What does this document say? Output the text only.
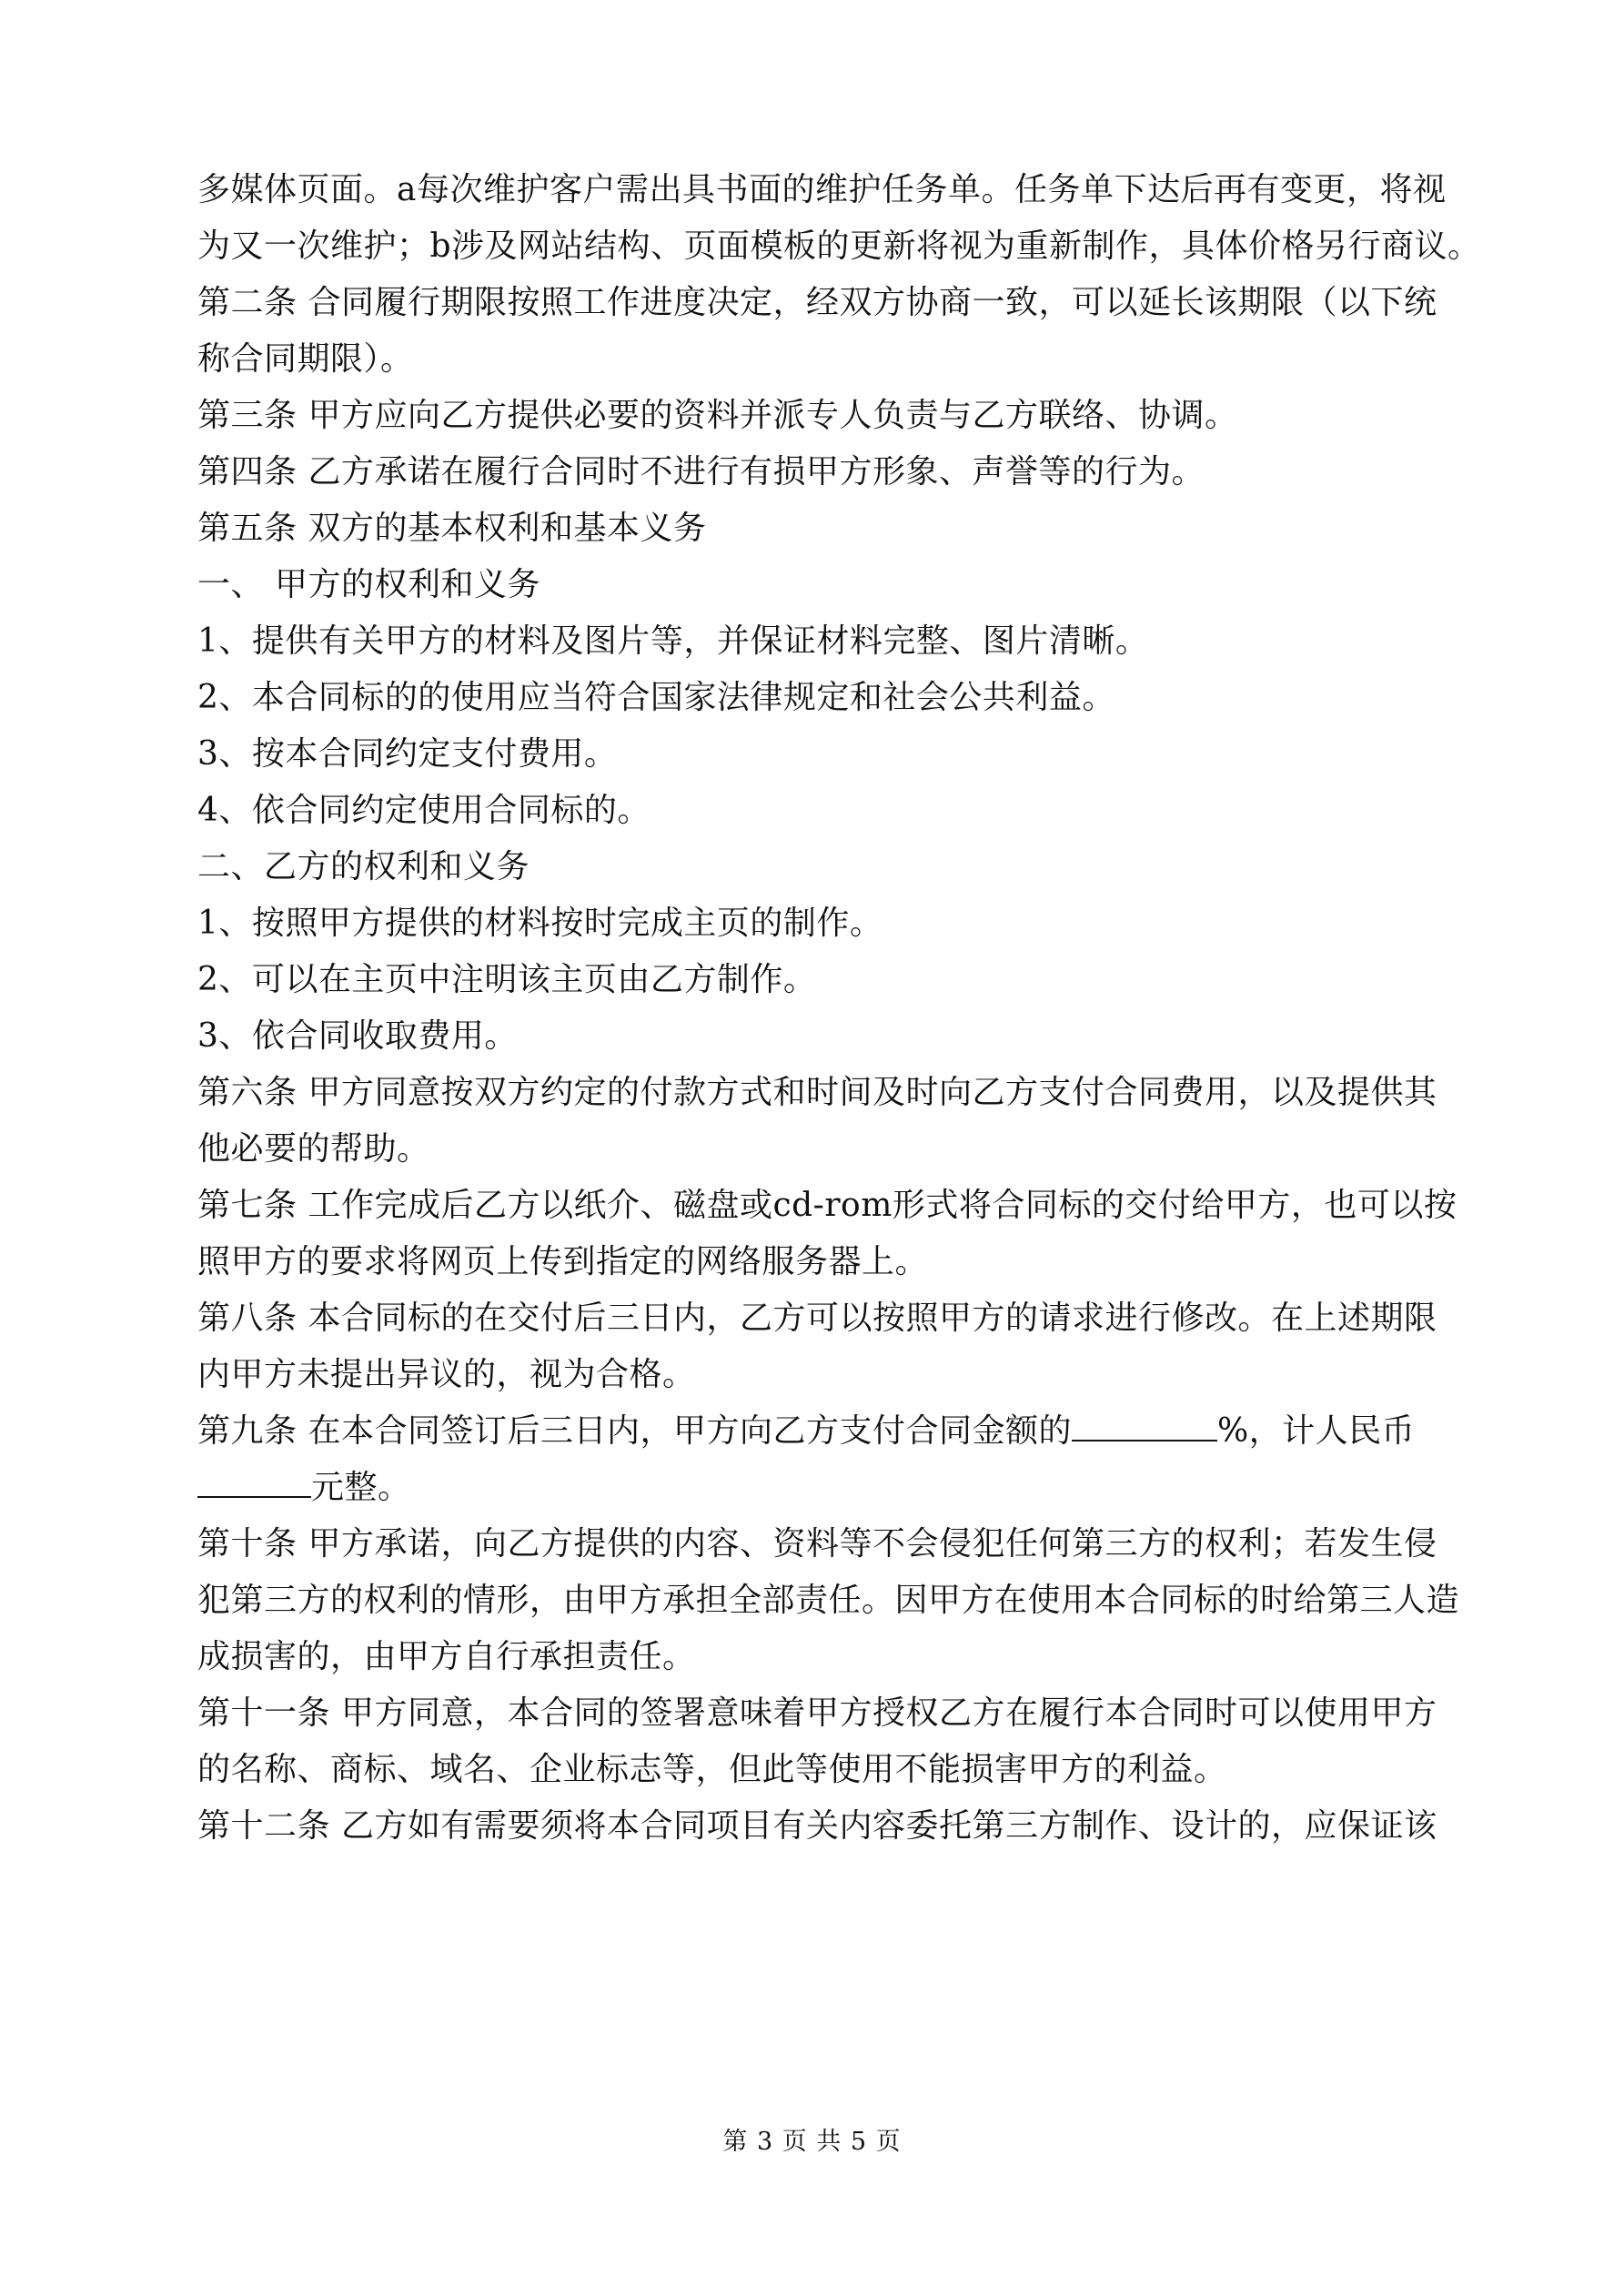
多媒体页面。a每次维护客户需出具书面的维护任务单。任务单下达后再有变更，将视
为又一次维护；b涉及网站结构、页面模板的更新将视为重新制作，具体价格另行商议。
第二条 合同履行期限按照工作进度决定，经双方协商一致，可以延长该期限（以下统
称合同期限）。
第三条 甲方应向乙方提供必要的资料并派专人负责与乙方联络、协调。
第四条 乙方承诺在履行合同时不进行有损甲方形象、声誉等的行为。
第五条 双方的基本权利和基本义务
一、 甲方的权利和义务
1、提供有关甲方的材料及图片等，并保证材料完整、图片清晰。
2、本合同标的的使用应当符合国家法律规定和社会公共利益。
3、按本合同约定支付费用。
4、依合同约定使用合同标的。
二、乙方的权利和义务
1、按照甲方提供的材料按时完成主页的制作。
2、可以在主页中注明该主页由乙方制作。
3、依合同收取费用。
第六条 甲方同意按双方约定的付款方式和时间及时向乙方支付合同费用，以及提供其
他必要的帮助。
第七条 工作完成后乙方以纸介、磁盘或cd-rom形式将合同标的交付给甲方，也可以按
照甲方的要求将网页上传到指定的网络服务器上。
第八条 本合同标的在交付后三日内，乙方可以按照甲方的请求进行修改。在上述期限
内甲方未提出异议的，视为合格。
第九条 在本合同签订后三日内，甲方向乙方支付合同金额的	%，计人民币
元整。
第十条 甲方承诺，向乙方提供的内容、资料等不会侵犯任何第三方的权利；若发生侵
犯第三方的权利的情形，由甲方承担全部责任。因甲方在使用本合同标的时给第三人造
成损害的，由甲方自行承担责任。
第十一条 甲方同意，本合同的签署意味着甲方授权乙方在履行本合同时可以使用甲方
的名称、商标、域名、企业标志等，但此等使用不能损害甲方的利益。
第十二条 乙方如有需要须将本合同项目有关内容委托第三方制作、设计的，应保证该
第 3 页 共 5 页
